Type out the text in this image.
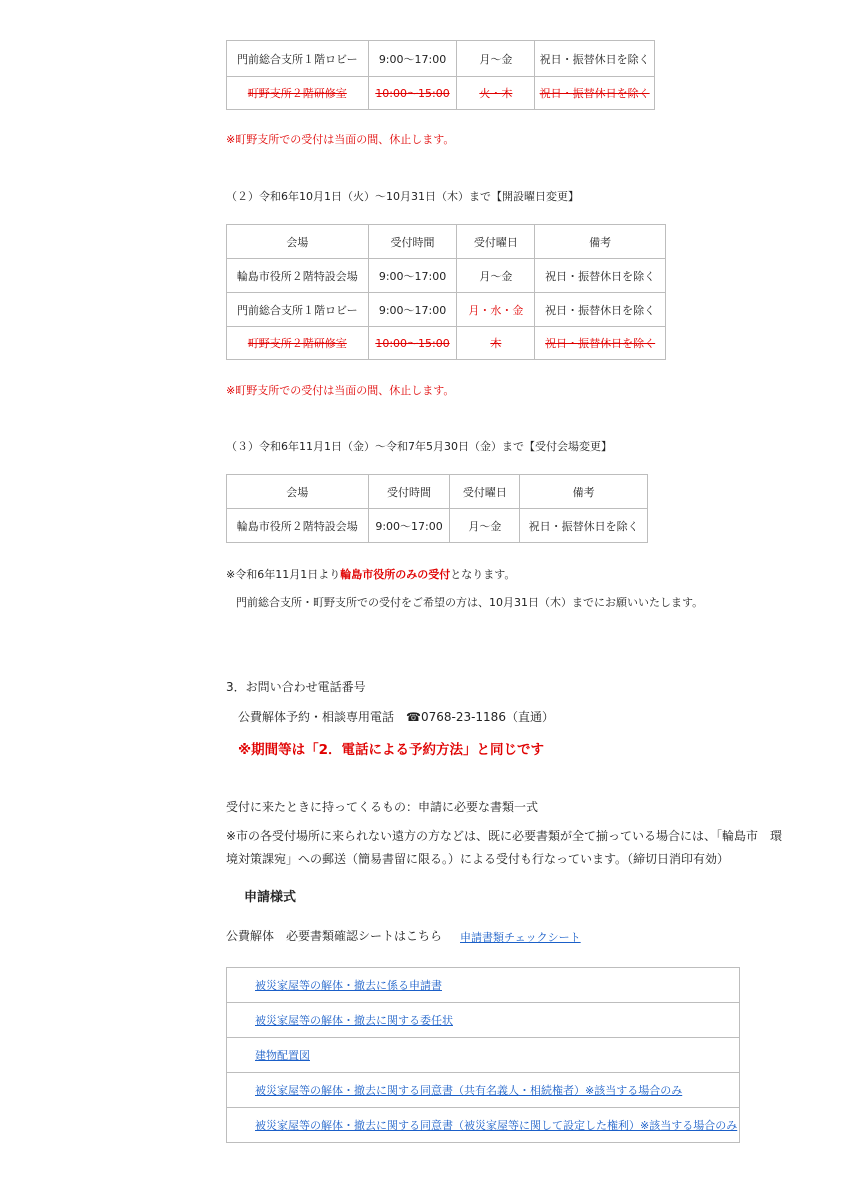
門前総合支所１階ロビー	9:00～17:00	月～金	祝日・振替休日を除く
町野支所２階研修室	10:00～15:00	火・木	祝日・振替休日を除く
※町野支所での受付は当面の間、休止します。
（２）令和6年10月1日（火）～10月31日（木）まで【開設曜日変更】
会場	受付時間	受付曜日	備考
輪島市役所２階特設会場	9:00～17:00	月～金	祝日・振替休日を除く
門前総合支所１階ロビー	9:00～17:00	月・水・金	祝日・振替休日を除く
町野支所２階研修室	10:00～15:00	木	祝日・振替休日を除く
※町野支所での受付は当面の間、休止します。
（３）令和6年11月1日（金）～令和7年5月30日（金）まで【受付会場変更】
会場	受付時間	受付曜日	備考
輪島市役所２階特設会場	9:00～17:00	月～金	祝日・振替休日を除く
※令和6年11月1日より輪島市役所のみの受付となります。
門前総合支所・町野支所での受付をご希望の方は、10月31日（木）までにお願いいたします。
3．お問い合わせ電話番号
公費解体予約・相談専用電話　☎0768-23-1186（直通）
※期間等は「2．電話による予約方法」と同じです
受付に来たときに持ってくるもの：申請に必要な書類一式
※市の各受付場所に来られない遠方の方などは、既に必要書類が全て揃っている場合には、「輪島市　環
境対策課宛」への郵送（簡易書留に限る。）による受付も行なっています。（締切日消印有効）
申請様式
公費解体　必要書類確認シートはこちら 申請書類チェックシート
被災家屋等の解体・撤去に係る申請書
被災家屋等の解体・撤去に関する委任状
建物配置図
被災家屋等の解体・撤去に関する同意書（共有名義人・相続権者）※該当する場合のみ
被災家屋等の解体・撤去に関する同意書（被災家屋等に関して設定した権利）※該当する場合のみ
